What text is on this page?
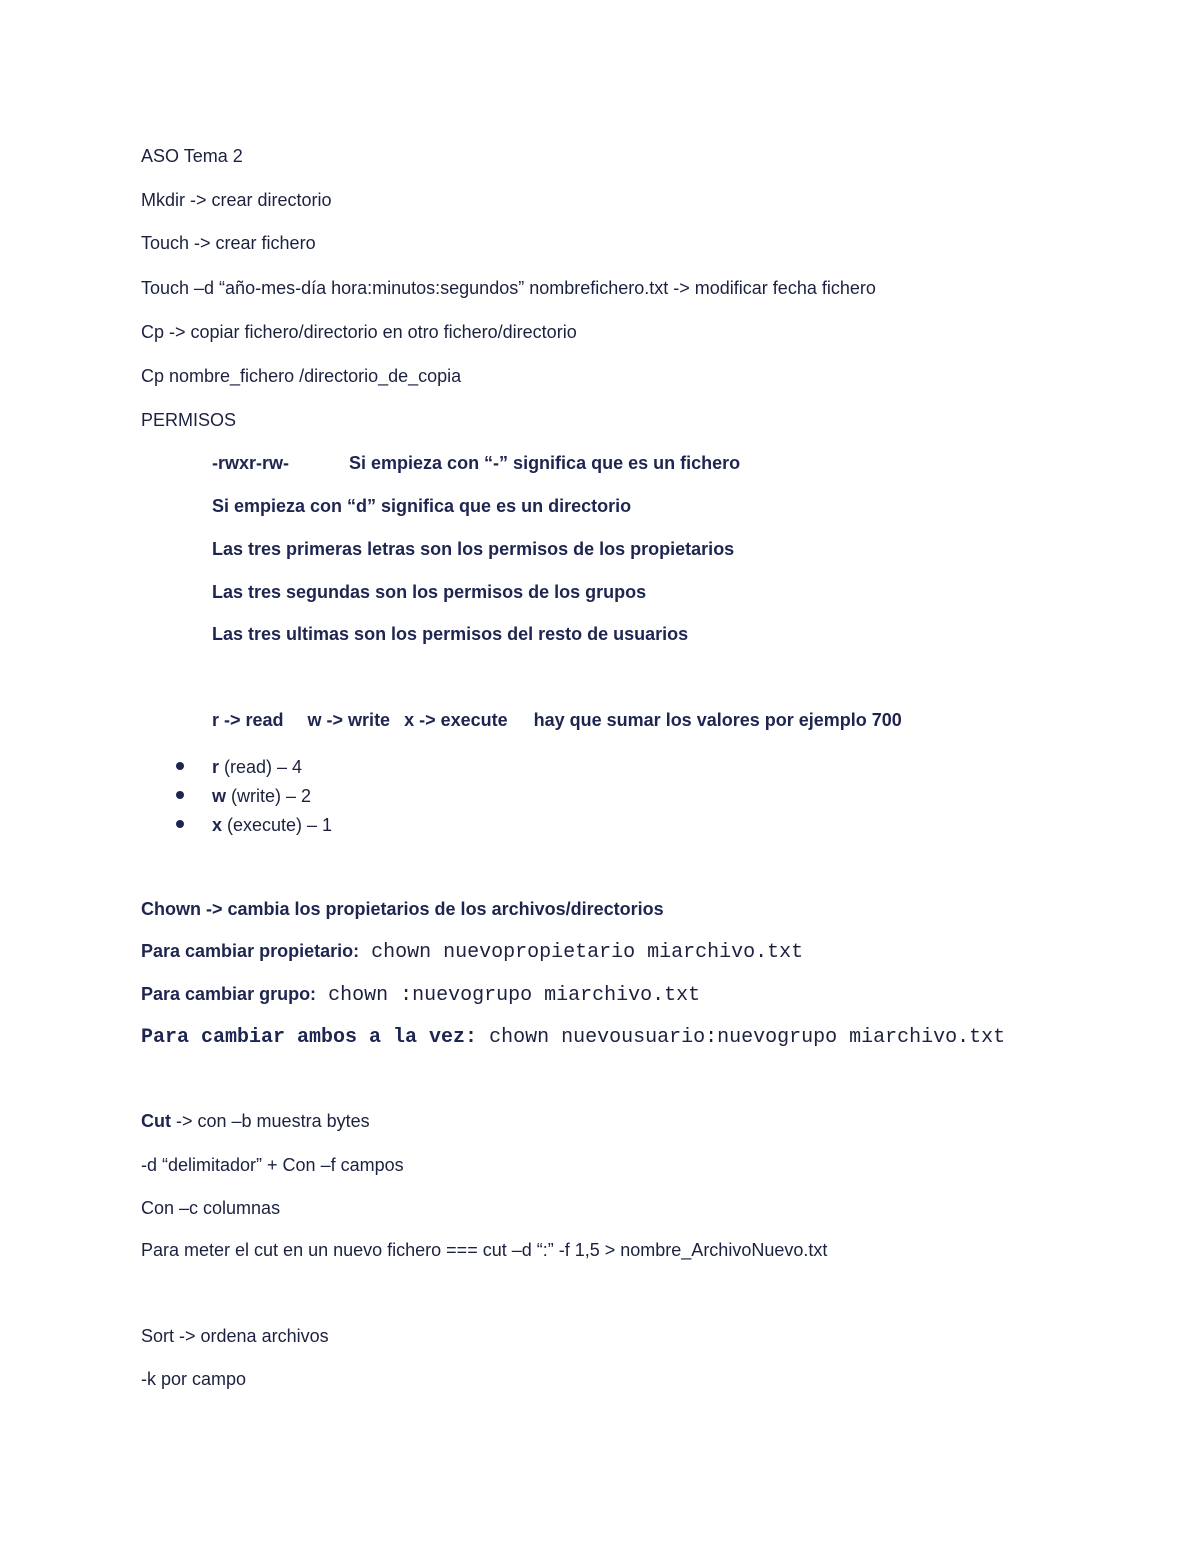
ASO Tema 2
Mkdir -> crear directorio
Touch -> crear fichero
Touch –d “año-mes-día hora:minutos:segundos” nombrefichero.txt -> modificar fecha fichero
Cp -> copiar fichero/directorio en otro fichero/directorio
Cp nombre_fichero /directorio_de_copia
PERMISOS
-rwxr-rw-	Si empieza con “-” significa que es un fichero
Si empieza con “d” significa que es un directorio
Las tres primeras letras son los permisos de los propietarios
Las tres segundas son los permisos de los grupos
Las tres ultimas son los permisos del resto de usuarios
r -> read w -> write x -> execute hay que sumar los valores por ejemplo 700
r (read) – 4
w (write) – 2
x (execute) – 1
Chown -> cambia los propietarios de los archivos/directorios
Para cambiar propietario: chown nuevopropietario miarchivo.txt
Para cambiar grupo: chown :nuevogrupo miarchivo.txt
Para cambiar ambos a la vez: chown nuevousuario:nuevogrupo miarchivo.txt
Cut -> con –b muestra bytes
-d “delimitador” + Con –f campos
Con –c columnas
Para meter el cut en un nuevo fichero === cut –d “:” -f 1,5 > nombre_ArchivoNuevo.txt
Sort -> ordena archivos
-k por campo
